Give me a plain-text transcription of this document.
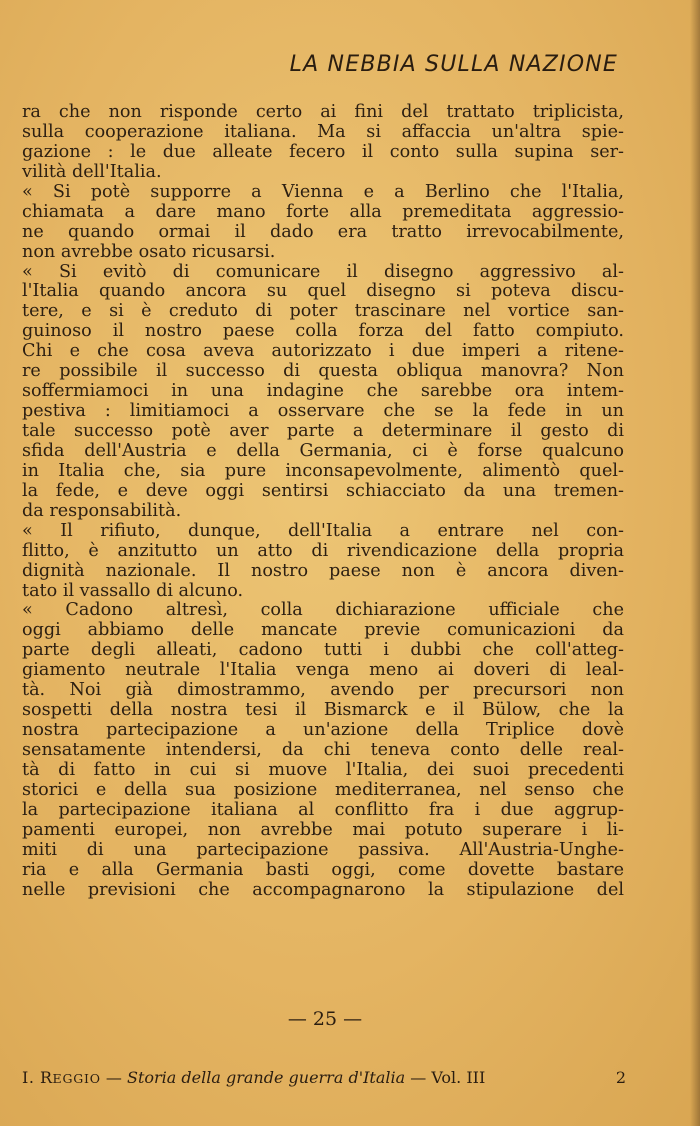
LA NEBBIA SULLA NAZIONE
ra che non risponde certo ai fini del trattato triplicista,
sulla cooperazione italiana. Ma si affaccia un'altra spie-
gazione : le due alleate fecero il conto sulla supina ser-
vilità dell'Italia.
« Si potè supporre a Vienna e a Berlino che l'Italia,
chiamata a dare mano forte alla premeditata aggressio-
ne quando ormai il dado era tratto irrevocabilmente,
non avrebbe osato ricusarsi.
« Si evitò di comunicare il disegno aggressivo al-
l'Italia quando ancora su quel disegno si poteva discu-
tere, e si è creduto di poter trascinare nel vortice san-
guinoso il nostro paese colla forza del fatto compiuto.
Chi e che cosa aveva autorizzato i due imperi a ritene-
re possibile il successo di questa obliqua manovra? Non
soffermiamoci in una indagine che sarebbe ora intem-
pestiva : limitiamoci a osservare che se la fede in un
tale successo potè aver parte a determinare il gesto di
sfida dell'Austria e della Germania, ci è forse qualcuno
in Italia che, sia pure inconsapevolmente, alimentò quel-
la fede, e deve oggi sentirsi schiacciato da una tremen-
da responsabilità.
« Il rifiuto, dunque, dell'Italia a entrare nel con-
flitto, è anzitutto un atto di rivendicazione della propria
dignità nazionale. Il nostro paese non è ancora diven-
tato il vassallo di alcuno.
« Cadono altresì, colla dichiarazione ufficiale che
oggi abbiamo delle mancate previe comunicazioni da
parte degli alleati, cadono tutti i dubbi che coll'atteg-
giamento neutrale l'Italia venga meno ai doveri di leal-
tà. Noi già dimostrammo, avendo per precursori non
sospetti della nostra tesi il Bismarck e il Bülow, che la
nostra partecipazione a un'azione della Triplice dovè
sensatamente intendersi, da chi teneva conto delle real-
tà di fatto in cui si muove l'Italia, dei suoi precedenti
storici e della sua posizione mediterranea, nel senso che
la partecipazione italiana al conflitto fra i due aggrup-
pamenti europei, non avrebbe mai potuto superare i li-
miti di una partecipazione passiva. All'Austria-Unghe-
ria e alla Germania basti oggi, come dovette bastare
nelle previsioni che accompagnarono la stipulazione del
— 25 —
I. REGGIO — Storia della grande guerra d'Italia — Vol. III	2
